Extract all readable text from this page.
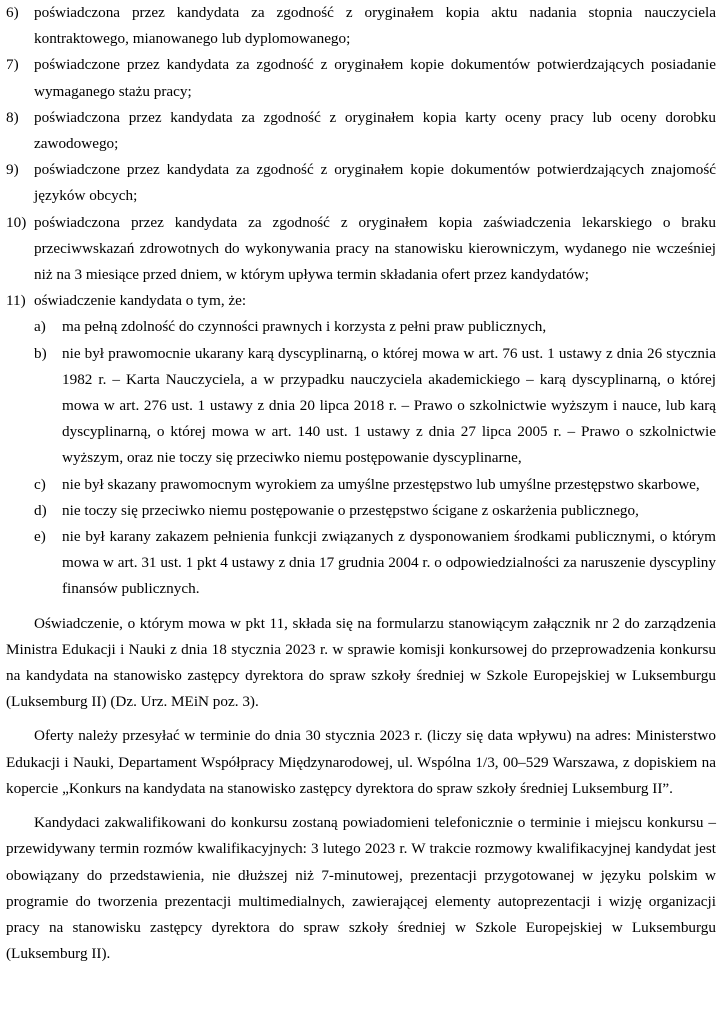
6)	poświadczona przez kandydata za zgodność z oryginałem kopia aktu nadania stopnia nauczyciela kontraktowego, mianowanego lub dyplomowanego;
7)	poświadczone przez kandydata za zgodność z oryginałem kopie dokumentów potwierdzających posiadanie wymaganego stażu pracy;
8)	poświadczona przez kandydata za zgodność z oryginałem kopia karty oceny pracy lub oceny dorobku zawodowego;
9)	poświadczone przez kandydata za zgodność z oryginałem kopie dokumentów potwierdzających znajomość języków obcych;
10) poświadczona przez kandydata za zgodność z oryginałem kopia zaświadczenia lekarskiego o braku przeciwwskazań zdrowotnych do wykonywania pracy na stanowisku kierowniczym, wydanego nie wcześniej niż na 3 miesiące przed dniem, w którym upływa termin składania ofert przez kandydatów;
11) oświadczenie kandydata o tym, że:
a)	ma pełną zdolność do czynności prawnych i korzysta z pełni praw publicznych,
b)	nie był prawomocnie ukarany karą dyscyplinarną, o której mowa w art. 76 ust. 1 ustawy z dnia 26 stycznia 1982 r. – Karta Nauczyciela, a w przypadku nauczyciela akademickiego – karą dyscyplinarną, o której mowa w art. 276 ust. 1 ustawy z dnia 20 lipca 2018 r. – Prawo o szkolnictwie wyższym i nauce, lub karą dyscyplinarną, o której mowa w art. 140 ust. 1 ustawy z dnia 27 lipca 2005 r. – Prawo o szkolnictwie wyższym, oraz nie toczy się przeciwko niemu postępowanie dyscyplinarne,
c)	nie był skazany prawomocnym wyrokiem za umyślne przestępstwo lub umyślne przestępstwo skarbowe,
d)	nie toczy się przeciwko niemu postępowanie o przestępstwo ścigane z oskarżenia publicznego,
e)	nie był karany zakazem pełnienia funkcji związanych z dysponowaniem środkami publicznymi, o którym mowa w art. 31 ust. 1 pkt 4 ustawy z dnia 17 grudnia 2004 r. o odpowiedzialności za naruszenie dyscypliny finansów publicznych.

Oświadczenie, o którym mowa w pkt 11, składa się na formularzu stanowiącym załącznik nr 2 do zarządzenia Ministra Edukacji i Nauki z dnia 18 stycznia 2023 r. w sprawie komisji konkursowej do przeprowadzenia konkursu na kandydata na stanowisko zastępcy dyrektora do spraw szkoły średniej w Szkole Europejskiej w Luksemburgu (Luksemburg II) (Dz. Urz. MEiN poz. 3).

Oferty należy przesyłać w terminie do dnia 30 stycznia 2023 r. (liczy się data wpływu) na adres: Ministerstwo Edukacji i Nauki, Departament Współpracy Międzynarodowej, ul. Wspólna 1/3, 00–529 Warszawa, z dopiskiem na kopercie „Konkurs na kandydata na stanowisko zastępcy dyrektora do spraw szkoły średniej Luksemburg II”.

Kandydaci zakwalifikowani do konkursu zostaną powiadomieni telefonicznie o terminie i miejscu konkursu – przewidywany termin rozmów kwalifikacyjnych: 3 lutego 2023 r. W trakcie rozmowy kwalifikacyjnej kandydat jest obowiązany do przedstawienia, nie dłuższej niż 7-minutowej, prezentacji przygotowanej w języku polskim w programie do tworzenia prezentacji multimedialnych, zawierającej elementy autoprezentacji i wizję organizacji pracy na stanowisku zastępcy dyrektora do spraw szkoły średniej w Szkole Europejskiej w Luksemburgu (Luksemburg II).
